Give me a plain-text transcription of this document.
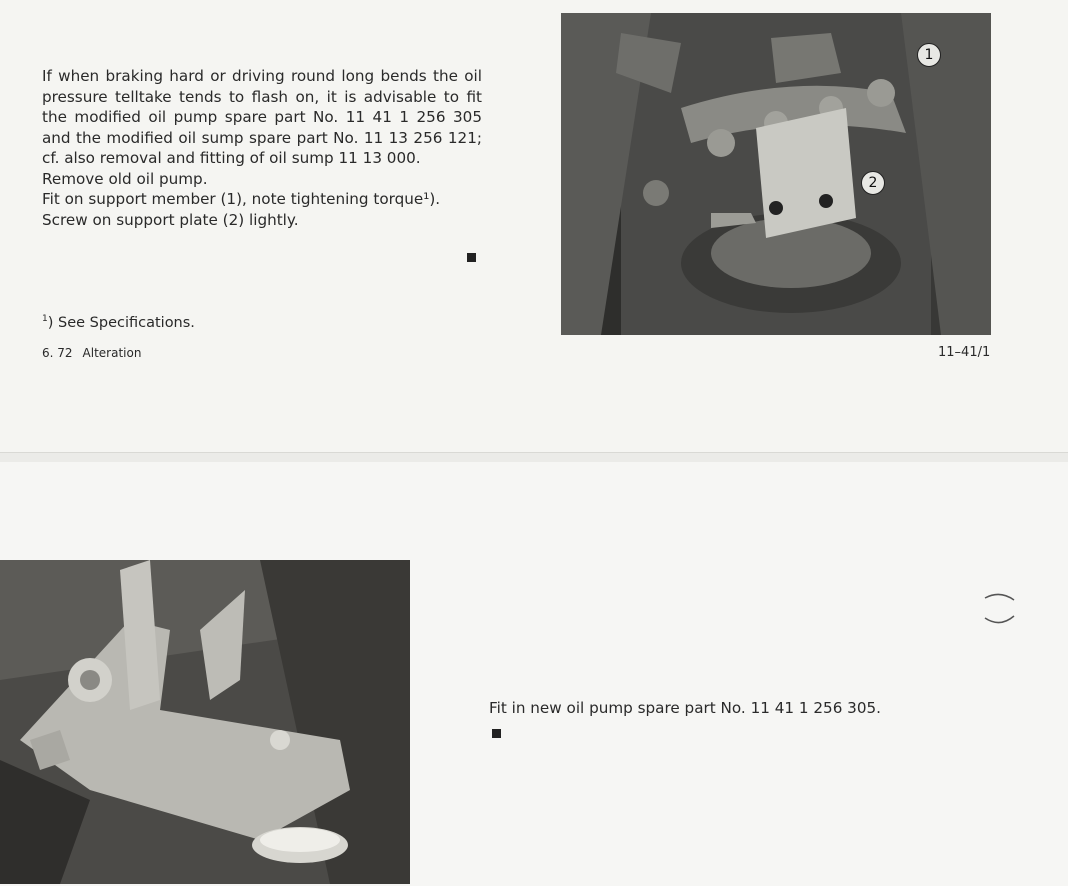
If when braking hard or driving round long bends the oil pressure telltake tends to flash on, it is advisable to fit the modified oil pump spare part No. 11 41 1 256 305 and the modified oil sump spare part No. 11 13 256 121; cf. also removal and fitting of oil sump 11 13 000.

Remove old oil pump.

Fit on support member (1), note tightening torque¹).

Screw on support plate (2) lightly.

$^1$) See Specifications.
6. 72 Alteration	11–41/1
1
2
Fit in new oil pump spare part No. 11 41 1 256 305.
